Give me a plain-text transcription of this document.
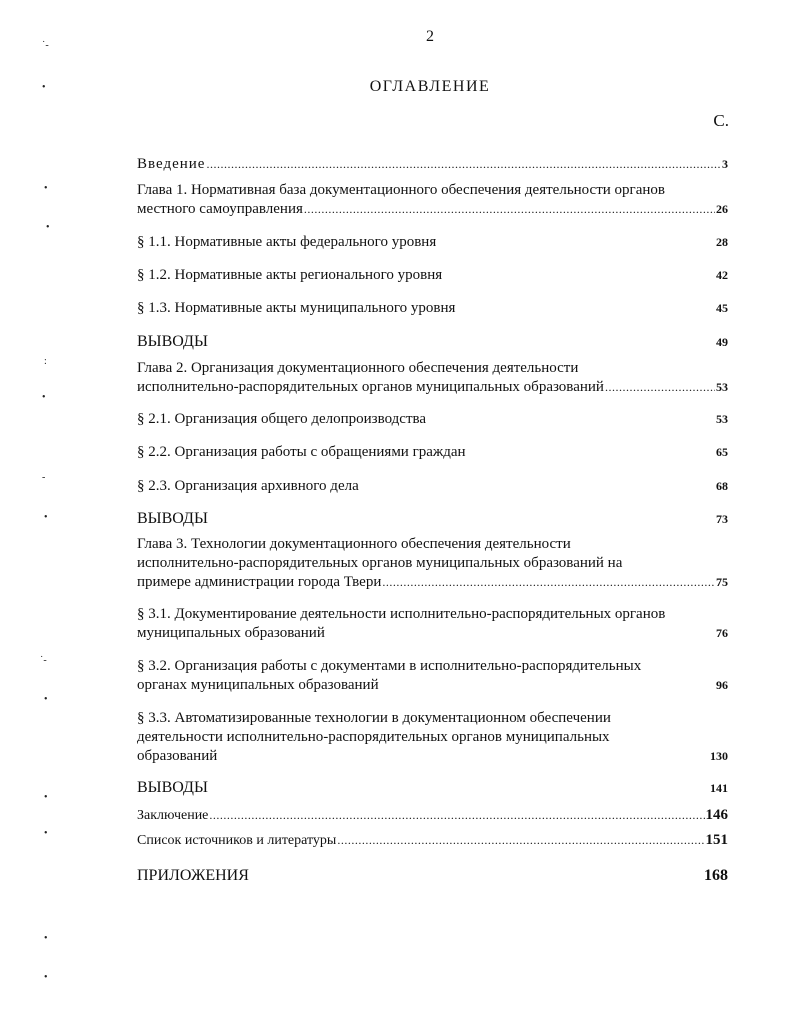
2
ОГЛАВЛЕНИЕ
С.
˙-
•
•
•
:
•
-
•
˙-
•
•
•
•
•
Введение .....	3
Глава 1. Нормативная база документационного обеспечения деятельности органов
местного самоуправления .....	26
§ 1.1. Нормативные акты федерального уровня	28
§ 1.2. Нормативные акты регионального уровня	42
§ 1.3. Нормативные акты муниципального уровня	45
ВЫВОДЫ	49
Глава 2. Организация документационного обеспечения деятельности
исполнительно-распорядительных органов муниципальных образований .....	53
§ 2.1. Организация общего делопроизводства	53
§ 2.2. Организация работы с обращениями граждан	65
§ 2.3. Организация архивного дела	68
ВЫВОДЫ	73
Глава 3. Технологии документационного обеспечения деятельности
исполнительно-распорядительных органов муниципальных образований на
примере администрации города Твери .....	75
§ 3.1. Документирование деятельности исполнительно-распорядительных органов
муниципальных образований	76
§ 3.2. Организация работы с документами в исполнительно-распорядительных
органах муниципальных образований	96
§ 3.3. Автоматизированные технологии в документационном обеспечении
деятельности исполнительно-распорядительных органов муниципальных
образований	130
ВЫВОДЫ	141
Заключение .....	146
Список источников и литературы .....	151
ПРИЛОЖЕНИЯ	168
